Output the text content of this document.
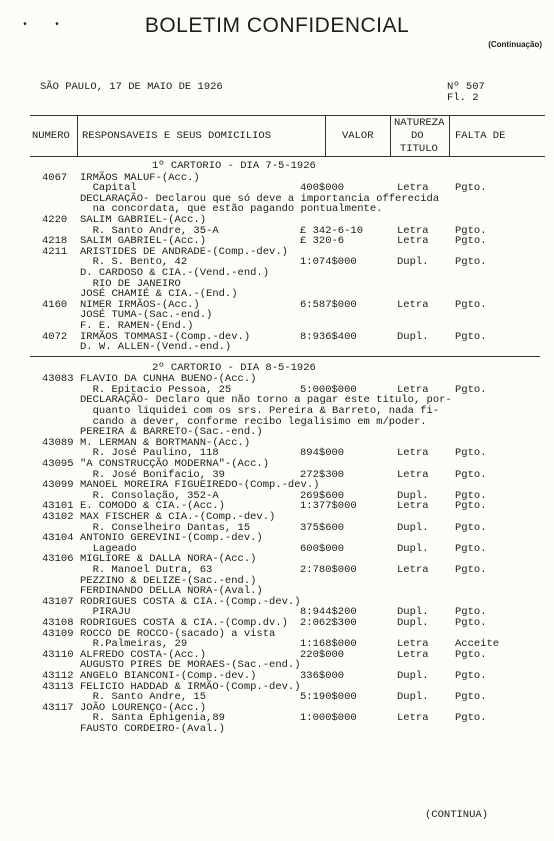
• •	BOLETIM CONFIDENCIAL
(Continuação)
SÃO PAULO, 17 DE MAIO DE 1926	Nº 507
Fl. 2
NUMERO RESPONSAVEIS E SEUS DOMICILIOS	VALOR
NATUREZA
DO
TITULO
FALTA DE
1º CARTORIO - DIA 7-5-1926
4067 IRMÃOS MALUF-(Acc.)
Capital	400$000	Letra	Pgto.
DECLARAÇÃO- Declarou que só deve a importancia offerecida
na concordata, que estão pagando pontualmente.
4220 SALIM GABRIEL-(Acc.)
R. Santo Andre, 35-A	£ 342-6-10	Letra	Pgto.
4218 SALIM GABRIEL-(Acc.)	£ 320-6	Letra	Pgto.
4211 ARISTIDES DE ANDRADE-(Comp.-dev.)
R. S. Bento, 42	1:074$000	Dupl.	Pgto.
D. CARDOSO & CIA.-(Vend.-end.)
RIO DE JANEIRO
JOSÉ CHAMIÉ & CIA.-(End.)
4160 NIMER IRMÃOS-(Acc.)	6:587$000	Letra	Pgto.
JOSÉ TUMA-(Sac.-end.)
F. E. RAMEN-(End.)
4072 IRMÃOS TOMMASI-(Comp.-dev.)	8:936$400	Dupl.	Pgto.
D. W. ALLEN-(Vend.-end.)
2º CARTORIO - DIA 8-5-1926
43083 FLAVIO DA CUNHA BUENO-(Acc.)
R. Epitacio Pessoa, 25	5:000$000	Letra	Pgto.
DECLARAÇÃO- Declaro que não torno a pagar este titulo, por-
quanto liquidei com os srs. Pereira & Barreto, nada fi-
cando a dever, conforme recibo legalisimo em m/poder.
PEREIRA & BARRETO-(Sac.-end.)
43089 M. LERMAN & BORTMANN-(Acc.)
R. José Paulino, 118	894$000	Letra	Pgto.
43095 "A CONSTRUCÇÃO MODERNA"-(Acc.)
R. José Bonifacio, 39	272$300	Letra	Pgto.
43099 MANOEL MOREIRA FIGUEIREDO-(Comp.-dev.)
R. Consolação, 352-A	269$600	Dupl.	Pgto.
43101 E. COMODO & CIA.-(Acc.)	1:377$000	Letra	Pgto.
43102 MAX FISCHER & CIA.-(Comp.-dev.)
R. Conselheiro Dantas, 15	375$600	Dupl.	Pgto.
43104 ANTONIO GEREVINI-(Comp.-dev.)
Lageado	600$000	Dupl.	Pgto.
43106 MIGLIORE & DALLA NORA-(Acc.)
R. Manoel Dutra, 63	2:780$000	Letra	Pgto.
PEZZINO & DELIZE-(Sac.-end.)
FERDINANDO DELLA NORA-(Aval.)
43107 RODRIGUES COSTA & CIA.-(Comp.-dev.)
PIRAJU	8:944$200	Dupl.	Pgto.
43108 RODRIGUES COSTA & CIA.-(Comp.dv.) 2:062$300	Dupl.	Pgto.
43109 ROCCO DE ROCCO-(sacado) a vista
R.Palmeiras, 29	1:168$000	Letra	Acceite
43110 ALFREDO COSTA-(Acc.)	220$000	Letra	Pgto.
AUGUSTO PIRES DE MORAES-(Sac.-end.)
43112 ANGELO BIANCONI-(Comp.-dev.)	336$000	Dupl.	Pgto.
43113 FELICIO HADDAD & IRMÃO-(Comp.-dev.)
R. Santo Andre, 15	5:190$000	Dupl.	Pgto.
43117 JOÃO LOURENÇO-(Acc.)
R. Santa Ephigenia,89	1:000$000	Letra	Pgto.
FAUSTO CORDEIRO-(Aval.)
(CONTINUA)
